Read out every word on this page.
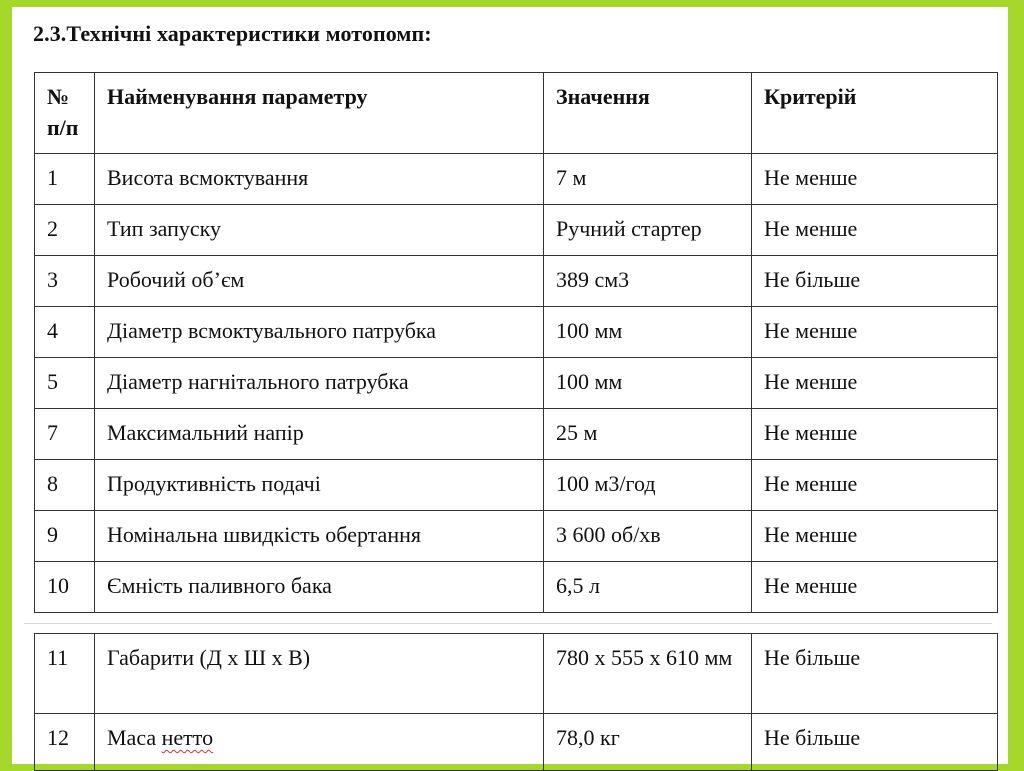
2.3.Технічні характеристики мотопомп:
№ п/п	Найменування параметру	Значення	Критерій
1	Висота всмоктування	7 м	Не менше
2	Тип запуску	Ручний стартер	Не менше
3	Робочий об’єм	389 см3	Не більше
4	Діаметр всмоктувального патрубка	100 мм	Не менше
5	Діаметр нагнітального патрубка	100 мм	Не менше
7	Максимальний напір	25 м	Не менше
8	Продуктивність подачі	100 м3/год	Не менше
9	Номінальна швидкість обертання	3 600 об/хв	Не менше
10	Ємність паливного бака	6,5 л	Не менше
11	Габарити (Д х Ш х В)	780 х 555 х 610 мм	Не більше
12	Маса нетто	78,0 кг	Не більше
